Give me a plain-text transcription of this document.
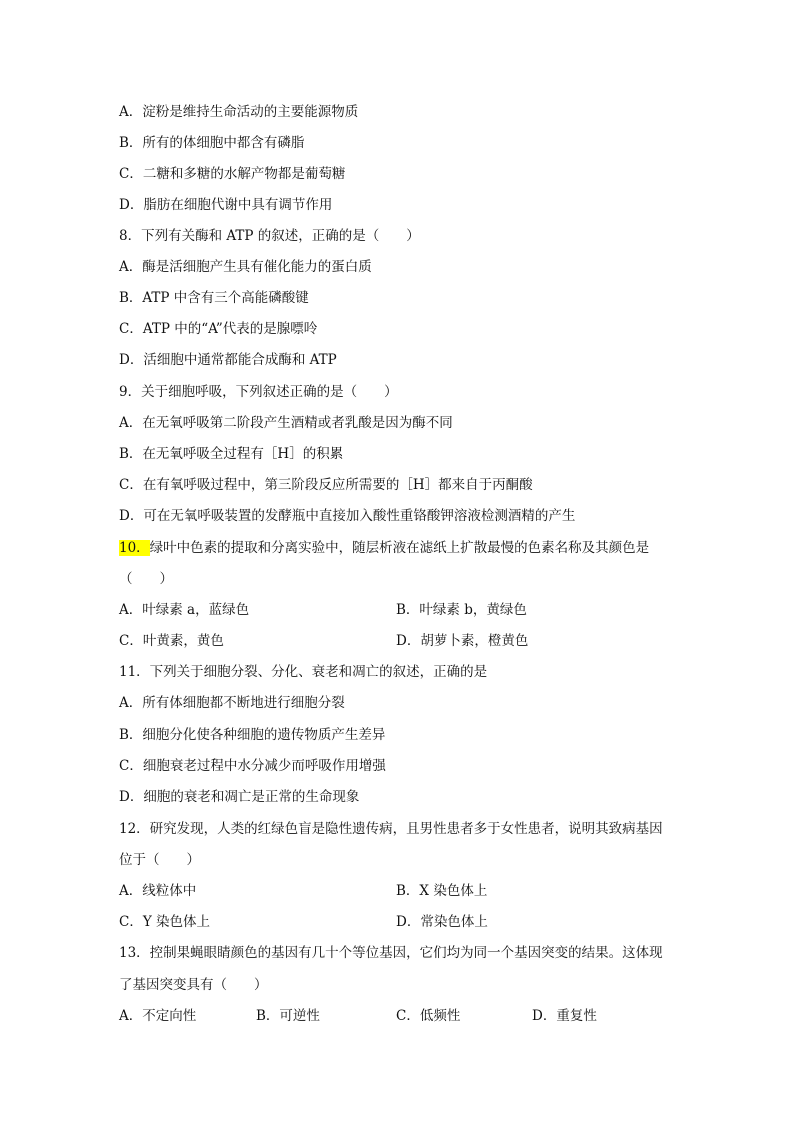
A．淀粉是维持生命活动的主要能源物质
B．所有的体细胞中都含有磷脂
C．二糖和多糖的水解产物都是葡萄糖
D．脂肪在细胞代谢中具有调节作用
8．下列有关酶和 ATP 的叙述，正确的是（　　）
A．酶是活细胞产生具有催化能力的蛋白质
B．ATP 中含有三个高能磷酸键
C．ATP 中的“A”代表的是腺嘌呤
D．活细胞中通常都能合成酶和 ATP
9．关于细胞呼吸，下列叙述正确的是（　　）
A．在无氧呼吸第二阶段产生酒精或者乳酸是因为酶不同
B．在无氧呼吸全过程有［H］的积累
C．在有氧呼吸过程中，第三阶段反应所需要的［H］都来自于丙酮酸
D．可在无氧呼吸装置的发酵瓶中直接加入酸性重铬酸钾溶液检测酒精的产生
10．绿叶中色素的提取和分离实验中，随层析液在滤纸上扩散最慢的色素名称及其颜色是
（　　）
A．叶绿素 a，蓝绿色	B．叶绿素 b，黄绿色
C．叶黄素，黄色	D．胡萝卜素，橙黄色
11．下列关于细胞分裂、分化、衰老和凋亡的叙述，正确的是
A．所有体细胞都不断地进行细胞分裂
B．细胞分化使各种细胞的遗传物质产生差异
C．细胞衰老过程中水分减少而呼吸作用增强
D．细胞的衰老和凋亡是正常的生命现象
12．研究发现，人类的红绿色盲是隐性遗传病，且男性患者多于女性患者，说明其致病基因
位于（　　）
A．线粒体中	B．X 染色体上
C．Y 染色体上	D．常染色体上
13．控制果蝇眼睛颜色的基因有几十个等位基因，它们均为同一个基因突变的结果。这体现
了基因突变具有（　　）
A．不定向性	B．可逆性	C．低频性	D．重复性
